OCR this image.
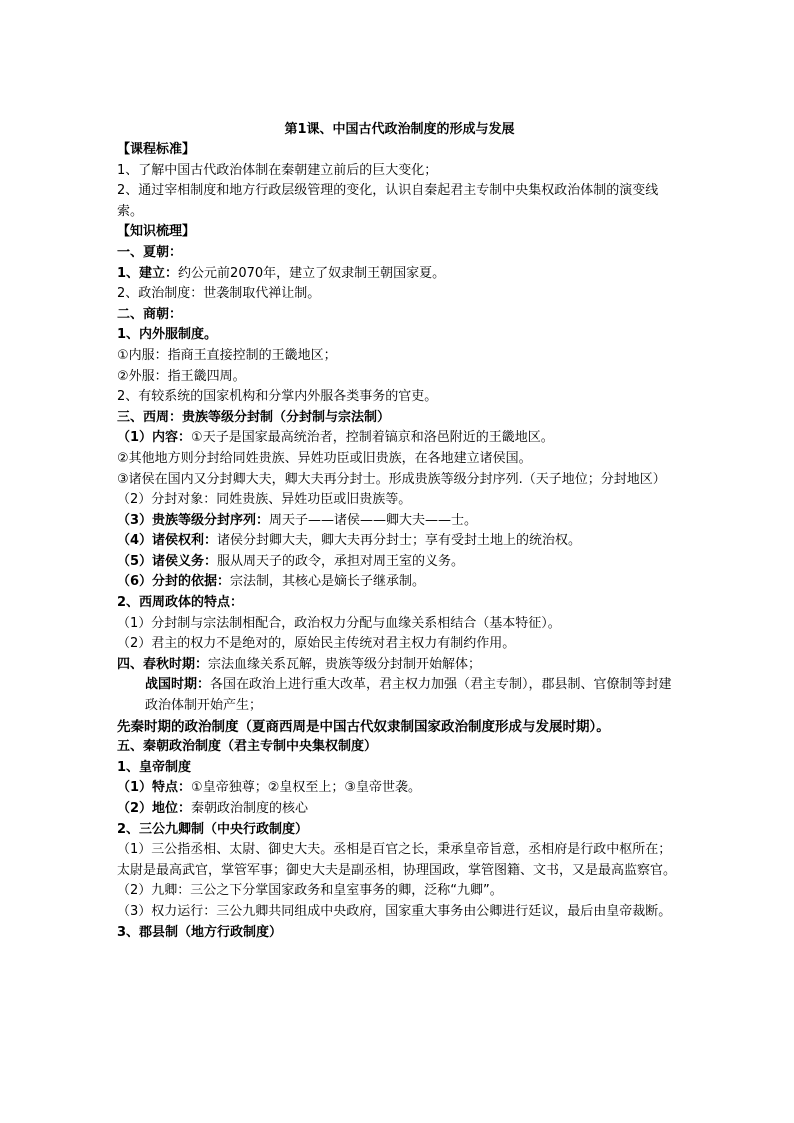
第1课、中国古代政治制度的形成与发展
【课程标准】
1、了解中国古代政治体制在秦朝建立前后的巨大变化；
2、通过宰相制度和地方行政层级管理的变化，认识自秦起君主专制中央集权政治体制的演变线索。
【知识梳理】
一、夏朝：
1、建立：约公元前2070年，建立了奴隶制王朝国家夏。
2、政治制度：世袭制取代禅让制。
二、商朝：
1、内外服制度。
①内服：指商王直接控制的王畿地区；
②外服：指王畿四周。
2、有较系统的国家机构和分掌内外服各类事务的官吏。
三、西周：贵族等级分封制（分封制与宗法制）
（1）内容：①天子是国家最高统治者，控制着镐京和洛邑附近的王畿地区。
②其他地方则分封给同姓贵族、异姓功臣或旧贵族，在各地建立诸侯国。
③诸侯在国内又分封卿大夫，卿大夫再分封士。形成贵族等级分封序列.（天子地位；分封地区）
（2）分封对象：同姓贵族、异姓功臣或旧贵族等。
（3）贵族等级分封序列：周天子——诸侯——卿大夫——士。
（4）诸侯权利：诸侯分封卿大夫，卿大夫再分封士；享有受封土地上的统治权。
（5）诸侯义务：服从周天子的政令，承担对周王室的义务。
（6）分封的依据：宗法制，其核心是嫡长子继承制。
2、西周政体的特点：
（1）分封制与宗法制相配合，政治权力分配与血缘关系相结合（基本特征）。
（2）君主的权力不是绝对的，原始民主传统对君主权力有制约作用。
四、春秋时期：宗法血缘关系瓦解，贵族等级分封制开始解体；
战国时期：各国在政治上进行重大改革，君主权力加强（君主专制），郡县制、官僚制等封建政治体制开始产生；
先秦时期的政治制度（夏商西周是中国古代奴隶制国家政治制度形成与发展时期）。
五、秦朝政治制度（君主专制中央集权制度）
1、皇帝制度
（1）特点：①皇帝独尊；②皇权至上；③皇帝世袭。
（2）地位：秦朝政治制度的核心
2、三公九卿制（中央行政制度）
（1）三公指丞相、太尉、御史大夫。丞相是百官之长，秉承皇帝旨意，丞相府是行政中枢所在；太尉是最高武官，掌管军事；御史大夫是副丞相，协理国政，掌管图籍、文书，又是最高监察官。
（2）九卿：三公之下分掌国家政务和皇室事务的卿，泛称“九卿”。
（3）权力运行：三公九卿共同组成中央政府，国家重大事务由公卿进行廷议，最后由皇帝裁断。
3、郡县制（地方行政制度）
